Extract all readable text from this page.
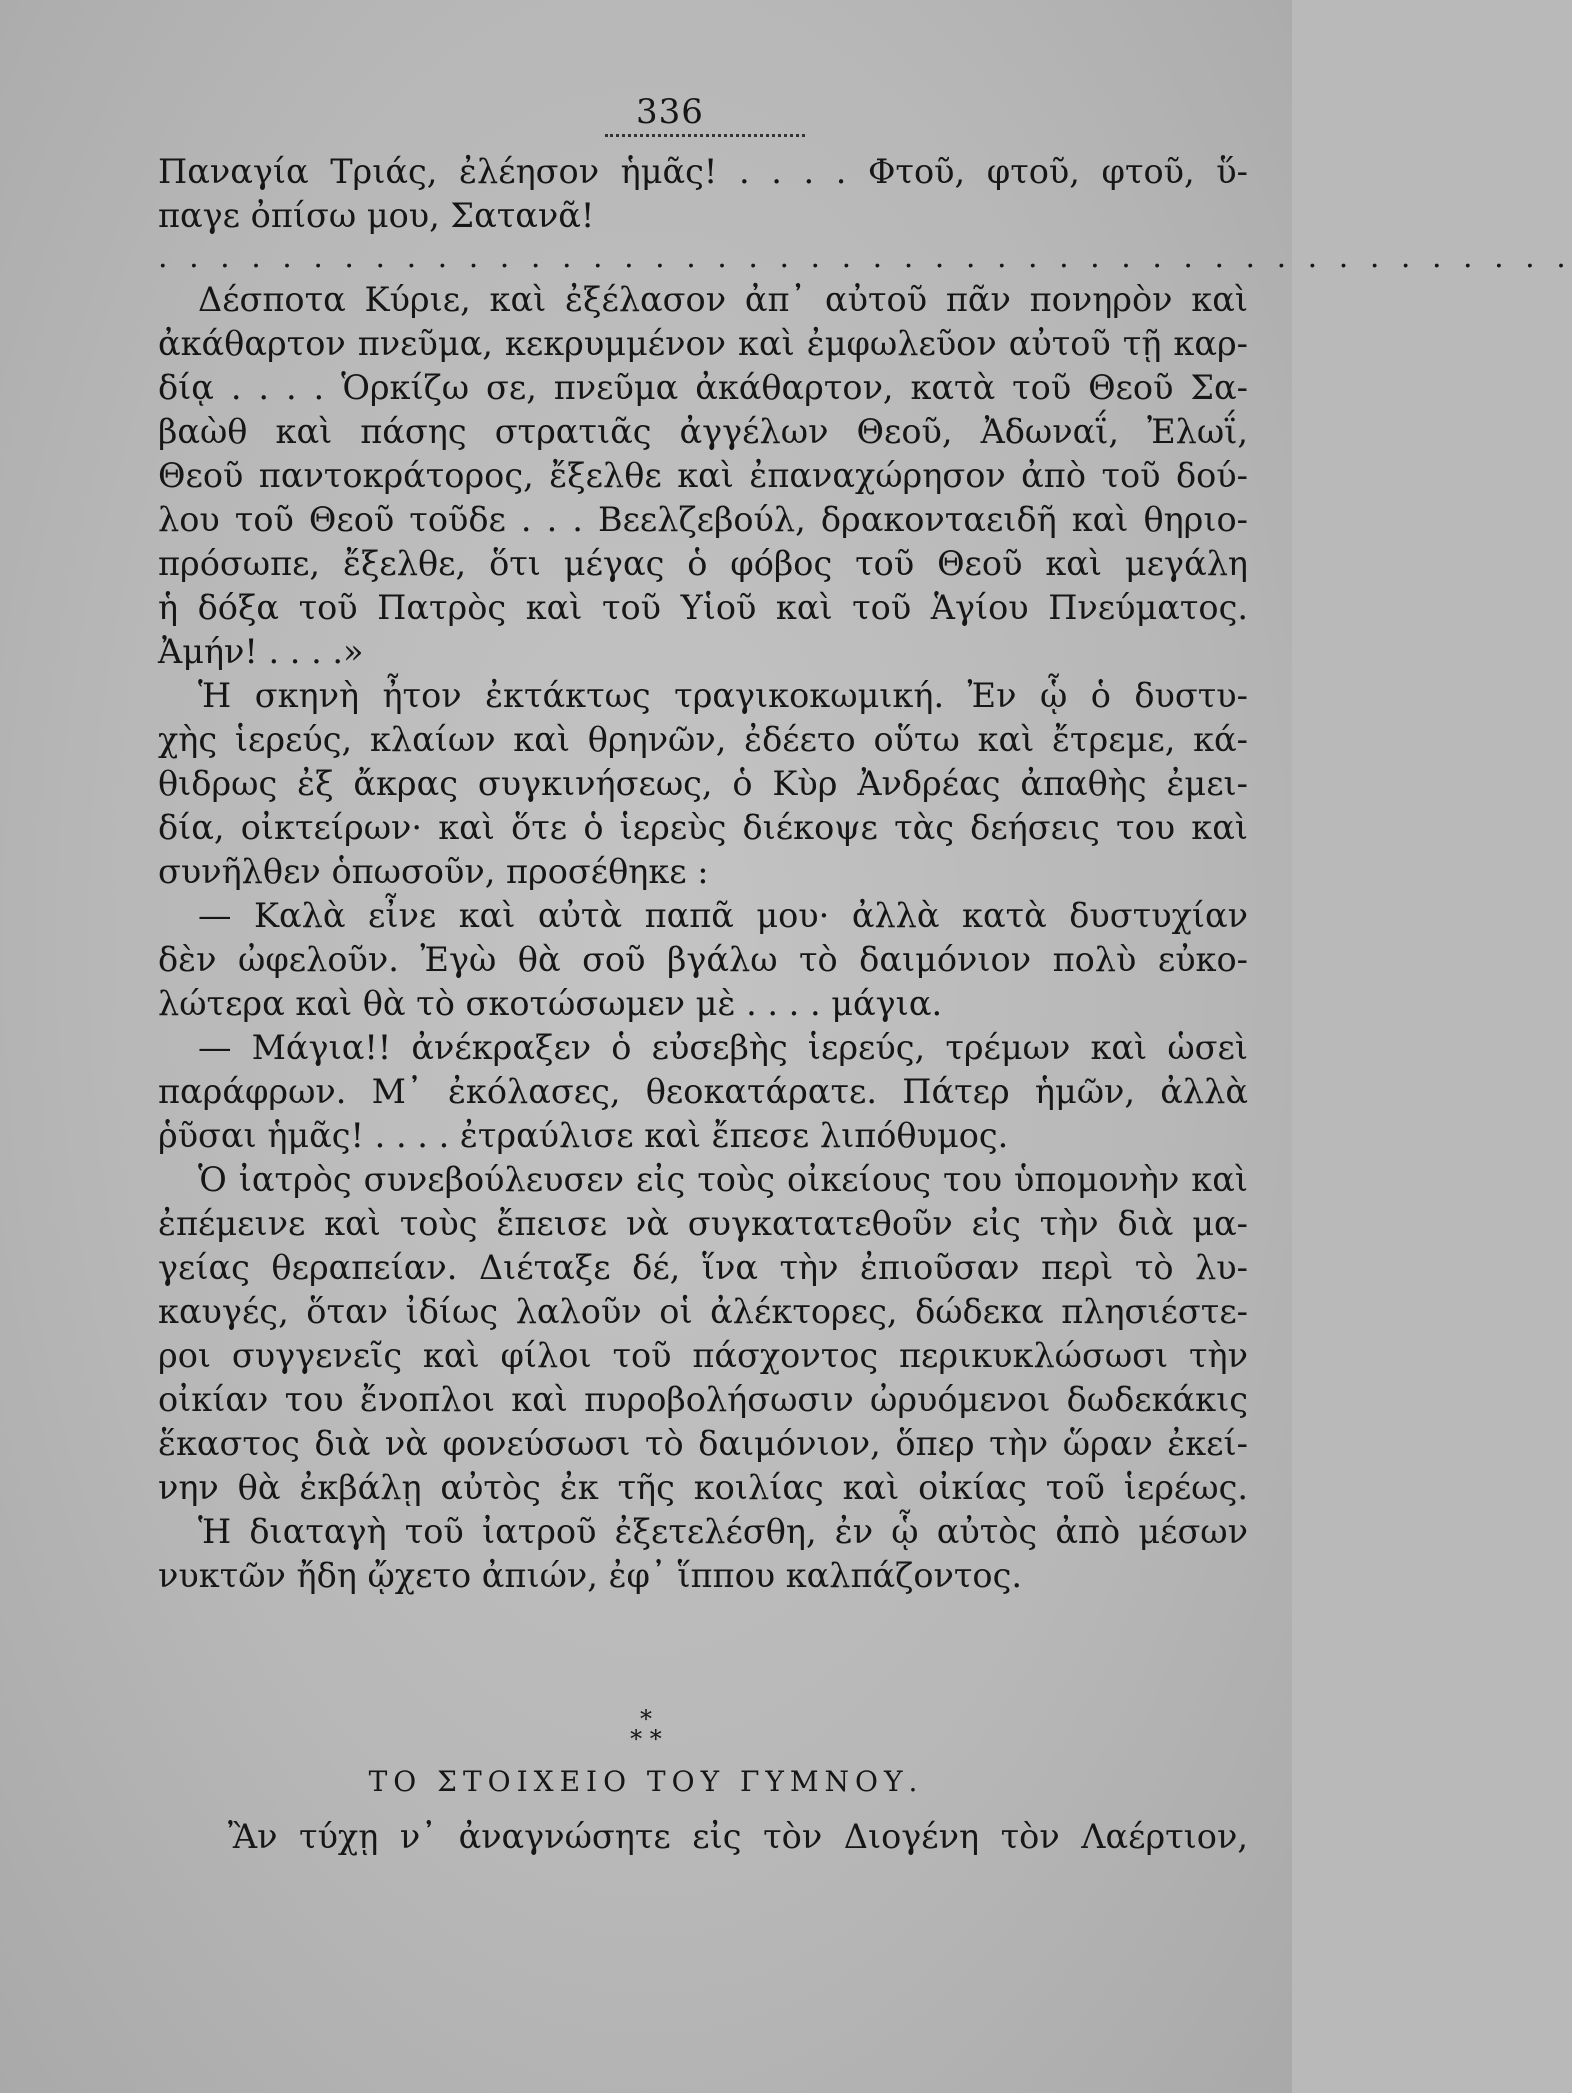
336
Παναγία Τριάς, ἐλέησον ἡμᾶς! . . . . Φτοῦ, φτοῦ, φτοῦ, ὕ-
παγε ὀπίσω μου, Σατανᾶ!
. . . . . . . . . . . . . . . . . . . . . . . . . . . . . . . . . . . . . . . . . . . . . .
Δέσποτα Κύριε, καὶ ἐξέλασον ἀπ᾿ αὐτοῦ πᾶν πονηρὸν καὶ
ἀκάθαρτον πνεῦμα, κεκρυμμένον καὶ ἐμφωλεῦον αὐτοῦ τῇ καρ-
δίᾳ . . . . Ὁρκίζω σε, πνεῦμα ἀκάθαρτον, κατὰ τοῦ Θεοῦ Σα-
βαὼθ καὶ πάσης στρατιᾶς ἀγγέλων Θεοῦ, Ἀδωναΐ, Ἐλωΐ,
Θεοῦ παντοκράτορος, ἔξελθε καὶ ἐπαναχώρησον ἀπὸ τοῦ δού-
λου τοῦ Θεοῦ τοῦδε . . . Βεελζεβούλ, δρακονταειδῆ καὶ θηριο-
πρόσωπε, ἔξελθε, ὅτι μέγας ὁ φόβος τοῦ Θεοῦ καὶ μεγάλη
ἡ δόξα τοῦ Πατρὸς καὶ τοῦ Υἱοῦ καὶ τοῦ Ἁγίου Πνεύματος.
Ἀμήν! . . . .»
Ἡ σκηνὴ ἦτον ἐκτάκτως τραγικοκωμική. Ἐν ᾧ ὁ δυστυ-
χὴς ἱερεύς, κλαίων καὶ θρηνῶν, ἐδέετο οὕτω καὶ ἔτρεμε, κά-
θιδρως ἐξ ἄκρας συγκινήσεως, ὁ Κὺρ Ἀνδρέας ἀπαθὴς ἐμει-
δία, οἰκτείρων· καὶ ὅτε ὁ ἱερεὺς διέκοψε τὰς δεήσεις του καὶ
συνῆλθεν ὁπωσοῦν, προσέθηκε :
— Καλὰ εἶνε καὶ αὐτὰ παπᾶ μου· ἀλλὰ κατὰ δυστυχίαν
δὲν ὠφελοῦν. Ἐγὼ θὰ σοῦ βγάλω τὸ δαιμόνιον πολὺ εὐκο-
λώτερα καὶ θὰ τὸ σκοτώσωμεν μὲ . . . . μάγια.
— Μάγια!! ἀνέκραξεν ὁ εὐσεβὴς ἱερεύς, τρέμων καὶ ὡσεὶ
παράφρων. Μ᾿ ἐκόλασες, θεοκατάρατε. Πάτερ ἡμῶν, ἀλλὰ
ῥῦσαι ἡμᾶς! . . . . ἐτραύλισε καὶ ἔπεσε λιπόθυμος.
Ὁ ἰατρὸς συνεβούλευσεν εἰς τοὺς οἰκείους του ὑπομονὴν καὶ
ἐπέμεινε καὶ τοὺς ἔπεισε νὰ συγκατατεθοῦν εἰς τὴν διὰ μα-
γείας θεραπείαν. Διέταξε δέ, ἵνα τὴν ἐπιοῦσαν περὶ τὸ λυ-
καυγές, ὅταν ἰδίως λαλοῦν οἱ ἀλέκτορες, δώδεκα πλησιέστε-
ροι συγγενεῖς καὶ φίλοι τοῦ πάσχοντος περικυκλώσωσι τὴν
οἰκίαν του ἔνοπλοι καὶ πυροβολήσωσιν ὠρυόμενοι δωδεκάκις
ἕκαστος διὰ νὰ φονεύσωσι τὸ δαιμόνιον, ὅπερ τὴν ὥραν ἐκεί-
νην θὰ ἐκβάλῃ αὐτὸς ἐκ τῆς κοιλίας καὶ οἰκίας τοῦ ἱερέως.
Ἡ διαταγὴ τοῦ ἰατροῦ ἐξετελέσθη, ἐν ᾧ αὐτὸς ἀπὸ μέσων
νυκτῶν ἤδη ᾤχετο ἀπιών, ἐφ᾿ ἵππου καλπάζοντος.
*
* *
ΤΟ ΣΤΟΙΧΕΙΟ ΤΟΥ ΓΥΜΝΟΥ.
Ἂν τύχῃ ν᾿ ἀναγνώσητε εἰς τὸν Διογένη τὸν Λαέρτιον,
